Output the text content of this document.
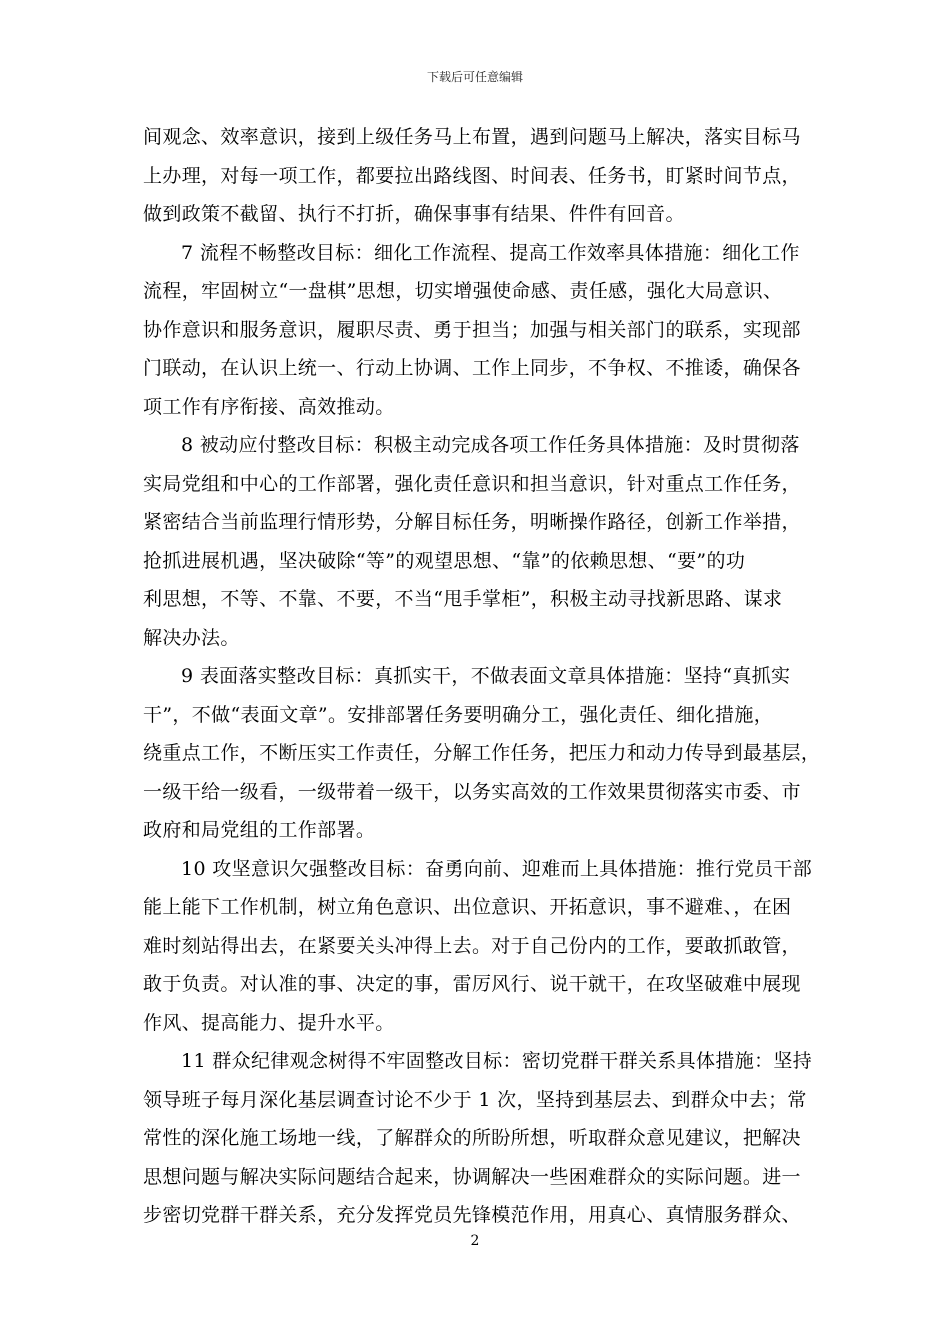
下载后可任意编辑
间观念、效率意识，接到上级任务马上布置，遇到问题马上解决，落实目标马
上办理，对每一项工作，都要拉出路线图、时间表、任务书，盯紧时间节点，
做到政策不截留、执行不打折，确保事事有结果、件件有回音。
7 流程不畅整改目标：细化工作流程、提高工作效率具体措施：细化工作
流程，牢固树立“一盘棋”思想，切实增强使命感、责任感，强化大局意识、
协作意识和服务意识，履职尽责、勇于担当；加强与相关部门的联系，实现部
门联动，在认识上统一、行动上协调、工作上同步，不争权、不推诿，确保各
项工作有序衔接、高效推动。
8 被动应付整改目标：积极主动完成各项工作任务具体措施：及时贯彻落
实局党组和中心的工作部署，强化责任意识和担当意识，针对重点工作任务，
紧密结合当前监理行情形势，分解目标任务，明晰操作路径，创新工作举措，
抢抓进展机遇，坚决破除“等”的观望思想、“靠”的依赖思想、“要”的功
利思想，不等、不靠、不要，不当“甩手掌柜”，积极主动寻找新思路、谋求
解决办法。
9 表面落实整改目标：真抓实干，不做表面文章具体措施：坚持“真抓实
干”，不做“表面文章”。安排部署任务要明确分工，强化责任、细化措施，
绕重点工作，不断压实工作责任，分解工作任务，把压力和动力传导到最基层，
一级干给一级看，一级带着一级干，以务实高效的工作效果贯彻落实市委、市
政府和局党组的工作部署。
10 攻坚意识欠强整改目标：奋勇向前、迎难而上具体措施：推行党员干部
能上能下工作机制，树立角色意识、出位意识、开拓意识，事不避难、，在困
难时刻站得出去，在紧要关头冲得上去。对于自己份内的工作，要敢抓敢管，
敢于负责。对认准的事、决定的事，雷厉风行、说干就干，在攻坚破难中展现
作风、提高能力、提升水平。
11 群众纪律观念树得不牢固整改目标：密切党群干群关系具体措施：坚持
领导班子每月深化基层调查讨论不少于 1 次，坚持到基层去、到群众中去；常
常性的深化施工场地一线，了解群众的所盼所想，听取群众意见建议，把解决
思想问题与解决实际问题结合起来，协调解决一些困难群众的实际问题。进一
步密切党群干群关系，充分发挥党员先锋模范作用，用真心、真情服务群众、
2
